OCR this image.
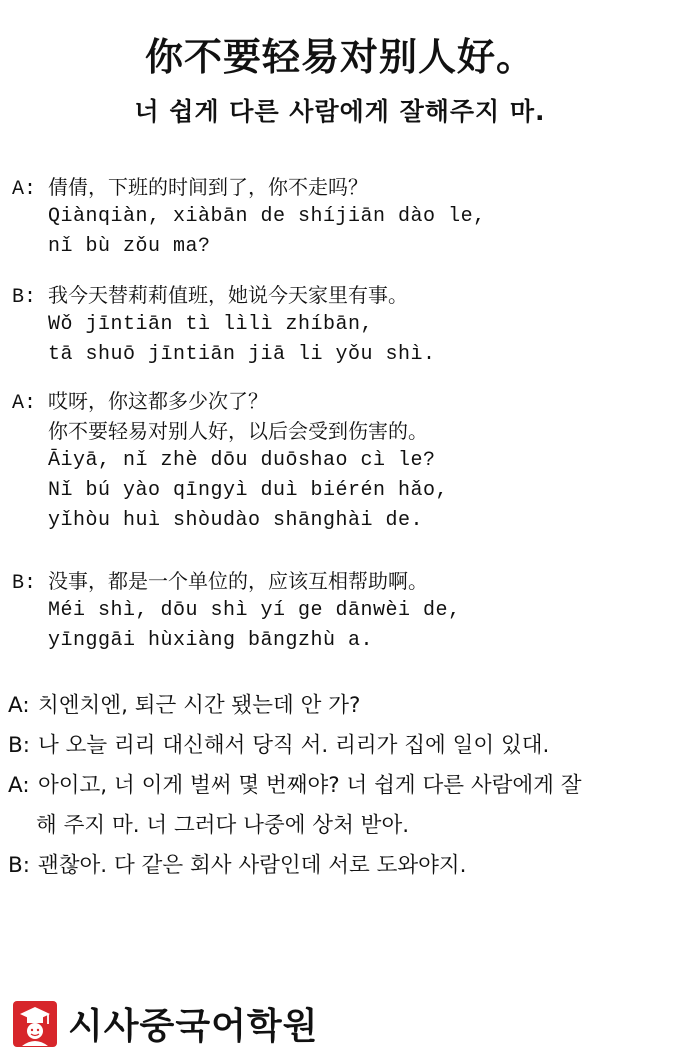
你不要轻易对别人好。
너 쉽게 다른 사람에게 잘해주지 마.
A: 倩倩，下班的时间到了，你不走吗？
Qiànqiàn, xiàbān de shíjiān dào le,
nǐ bù zǒu ma?
B: 我今天替莉莉值班，她说今天家里有事。
Wǒ jīntiān tì lìlì zhíbān,
tā shuō jīntiān jiā li yǒu shì.
A: 哎呀，你这都多少次了？
你不要轻易对别人好，以后会受到伤害的。
Āiyā, nǐ zhè dōu duōshao cì le?
Nǐ bú yào qīngyì duì biérén hǎo,
yǐhòu huì shòudào shānghài de.
B: 没事，都是一个单位的，应该互相帮助啊。
Méi shì, dōu shì yí ge dānwèi de,
yīnggāi hùxiàng bāngzhù a.
A: 치엔치엔, 퇴근 시간 됐는데 안 가?
B: 나 오늘 리리 대신해서 당직 서. 리리가 집에 일이 있대.
A: 아이고, 너 이게 벌써 몇 번째야? 너 쉽게 다른 사람에게 잘
해 주지 마. 너 그러다 나중에 상처 받아.
B: 괜찮아. 다 같은 회사 사람인데 서로 도와야지.
시사중국어학원
